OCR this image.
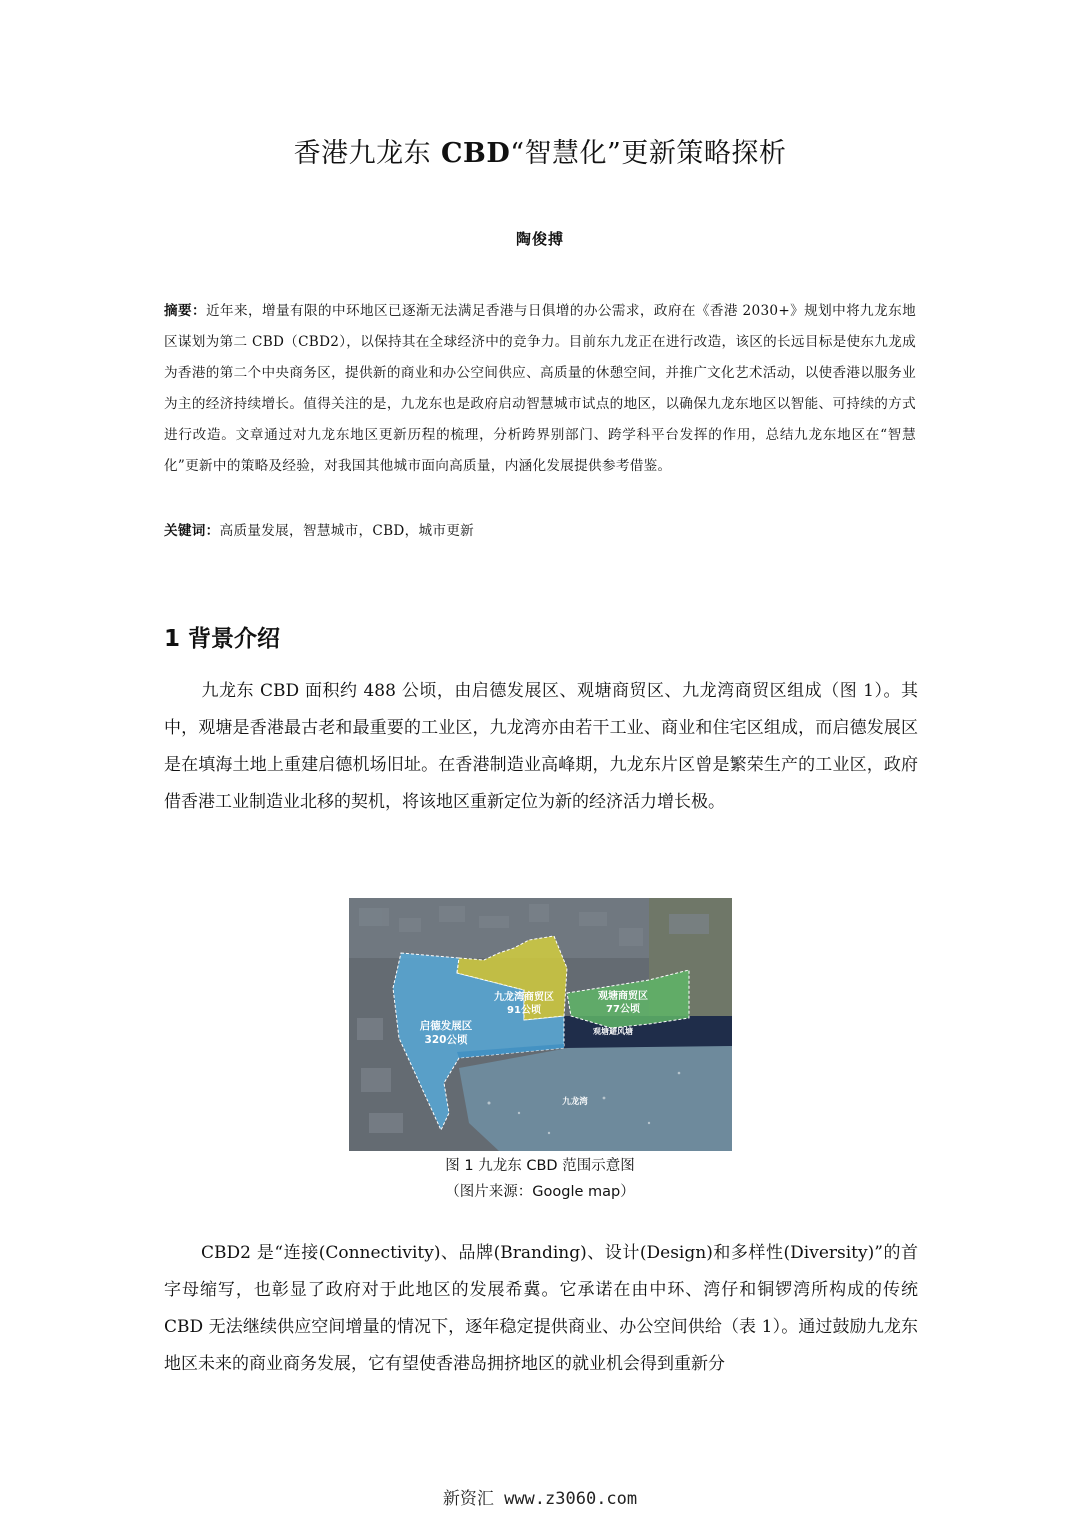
香港九龙东 CBD“智慧化”更新策略探析
陶俊搏
摘要：近年来，增量有限的中环地区已逐渐无法满足香港与日俱增的办公需求，政府在《香港 2030+》规划中将九龙东地区谋划为第二 CBD（CBD2），以保持其在全球经济中的竞争力。目前东九龙正在进行改造，该区的长远目标是使东九龙成为香港的第二个中央商务区，提供新的商业和办公空间供应、高质量的休憩空间，并推广文化艺术活动，以使香港以服务业为主的经济持续增长。值得关注的是，九龙东也是政府启动智慧城市试点的地区，以确保九龙东地区以智能、可持续的方式进行改造。文章通过对九龙东地区更新历程的梳理，分析跨界别部门、跨学科平台发挥的作用，总结九龙东地区在“智慧化”更新中的策略及经验，对我国其他城市面向高质量，内涵化发展提供参考借鉴。
关键词：高质量发展，智慧城市，CBD，城市更新
1 背景介绍
九龙东 CBD 面积约 488 公顷，由启德发展区、观塘商贸区、九龙湾商贸区组成（图 1）。其中，观塘是香港最古老和最重要的工业区，九龙湾亦由若干工业、商业和住宅区组成，而启德发展区是在填海土地上重建启德机场旧址。在香港制造业高峰期，九龙东片区曾是繁荣生产的工业区，政府借香港工业制造业北移的契机，将该地区重新定位为新的经济活力增长极。
九龙湾商贸区
91公顷
启德发展区
320公顷
观塘商贸区
77公顷
观塘避风塘
九龙湾
图 1 九龙东 CBD 范围示意图
（图片来源：Google map）
CBD2 是“连接(Connectivity)、品牌(Branding)、设计(Design)和多样性(Diversity)”的首字母缩写，也彰显了政府对于此地区的发展希冀。它承诺在由中环、湾仔和铜锣湾所构成的传统 CBD 无法继续供应空间增量的情况下，逐年稳定提供商业、办公空间供给（表 1）。通过鼓励九龙东地区未来的商业商务发展，它有望使香港岛拥挤地区的就业机会得到重新分
新资汇 www.z3060.com
